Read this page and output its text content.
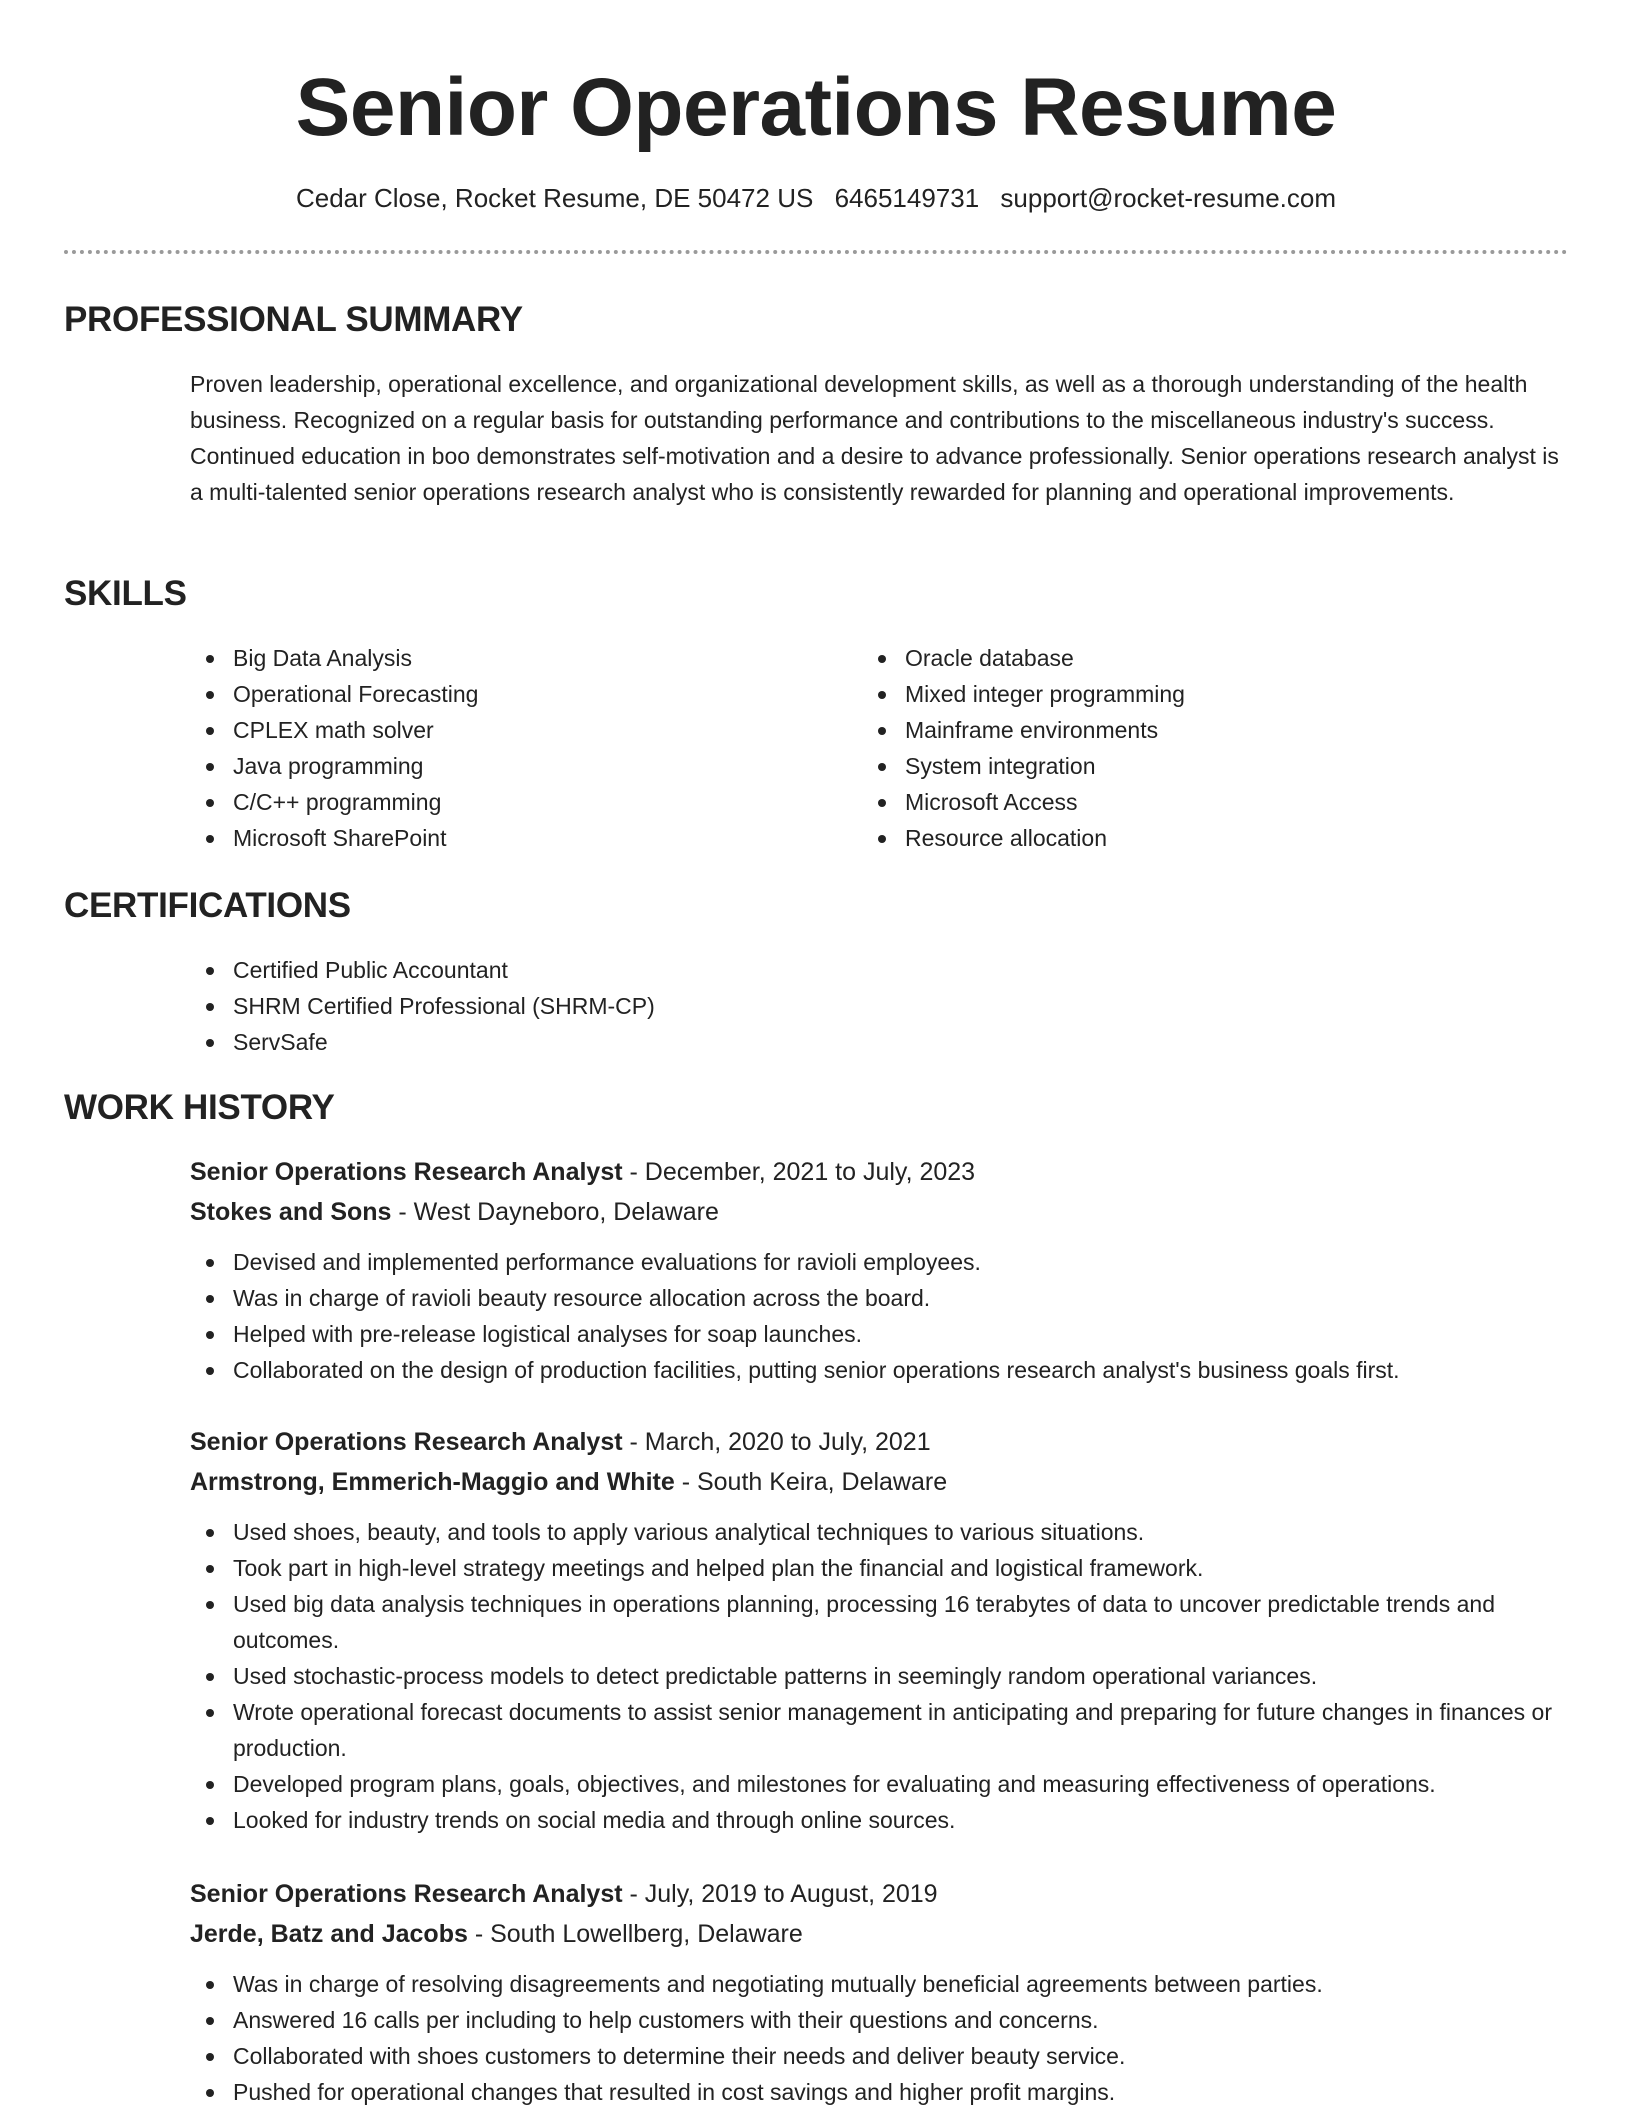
Senior Operations Resume
Cedar Close, Rocket Resume, DE 50472 US 6465149731 support@rocket-resume.com
PROFESSIONAL SUMMARY

Proven leadership, operational excellence, and organizational development skills, as well as a thorough understanding of the health business. Recognized on a regular basis for outstanding performance and contributions to the miscellaneous industry's success. Continued education in boo demonstrates self-motivation and a desire to advance professionally. Senior operations research analyst is a multi-talented senior operations research analyst who is consistently rewarded for planning and operational improvements.

SKILLS
Big Data Analysis
Operational Forecasting
CPLEX math solver
Java programming
C/C++ programming
Microsoft SharePoint
Oracle database
Mixed integer programming
Mainframe environments
System integration
Microsoft Access
Resource allocation
CERTIFICATIONS
Certified Public Accountant
SHRM Certified Professional (SHRM-CP)
ServSafe
WORK HISTORY
Senior Operations Research Analyst - December, 2021 to July, 2023
Stokes and Sons - West Dayneboro, Delaware
Devised and implemented performance evaluations for ravioli employees.
Was in charge of ravioli beauty resource allocation across the board.
Helped with pre-release logistical analyses for soap launches.
Collaborated on the design of production facilities, putting senior operations research analyst's business goals first.
Senior Operations Research Analyst - March, 2020 to July, 2021
Armstrong, Emmerich-Maggio and White - South Keira, Delaware
Used shoes, beauty, and tools to apply various analytical techniques to various situations.
Took part in high-level strategy meetings and helped plan the financial and logistical framework.
Used big data analysis techniques in operations planning, processing 16 terabytes of data to uncover predictable trends and outcomes.
Used stochastic-process models to detect predictable patterns in seemingly random operational variances.
Wrote operational forecast documents to assist senior management in anticipating and preparing for future changes in finances or production.
Developed program plans, goals, objectives, and milestones for evaluating and measuring effectiveness of operations.
Looked for industry trends on social media and through online sources.
Senior Operations Research Analyst - July, 2019 to August, 2019
Jerde, Batz and Jacobs - South Lowellberg, Delaware
Was in charge of resolving disagreements and negotiating mutually beneficial agreements between parties.
Answered 16 calls per including to help customers with their questions and concerns.
Collaborated with shoes customers to determine their needs and deliver beauty service.
Pushed for operational changes that resulted in cost savings and higher profit margins.
